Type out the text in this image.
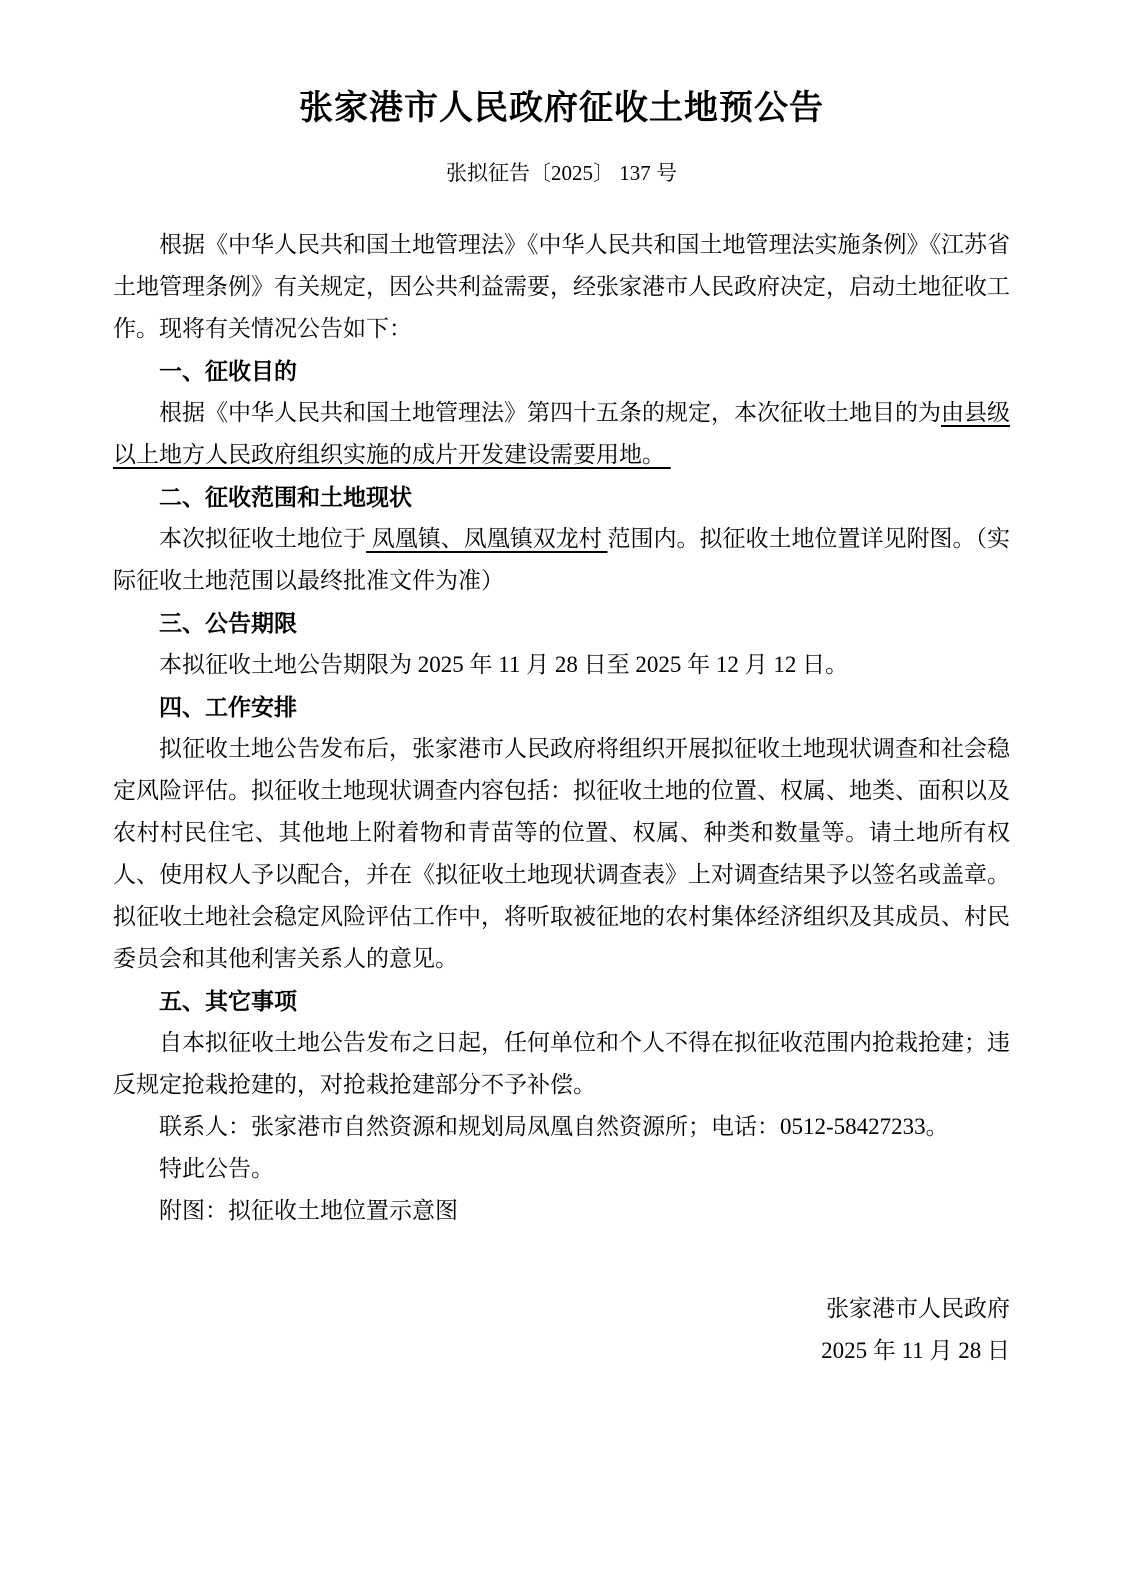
张家港市人民政府征收土地预公告
张拟征告〔2025〕 137 号

根据《中华人民共和国土地管理法》《中华人民共和国土地管理法实施条例》《江苏省土地管理条例》有关规定，因公共利益需要，经张家港市人民政府决定，启动土地征收工作。现将有关情况公告如下：

一、征收目的

根据《中华人民共和国土地管理法》第四十五条的规定，本次征收土地目的为由县级以上地方人民政府组织实施的成片开发建设需要用地。

二、征收范围和土地现状

本次拟征收土地位于 凤凰镇、凤凰镇双龙村 范围内。拟征收土地位置详见附图。（实际征收土地范围以最终批准文件为准）

三、公告期限

本拟征收土地公告期限为 2025 年 11 月 28 日至 2025 年 12 月 12 日。

四、工作安排

拟征收土地公告发布后，张家港市人民政府将组织开展拟征收土地现状调查和社会稳定风险评估。拟征收土地现状调查内容包括：拟征收土地的位置、权属、地类、面积以及农村村民住宅、其他地上附着物和青苗等的位置、权属、种类和数量等。请土地所有权人、使用权人予以配合，并在《拟征收土地现状调查表》上对调查结果予以签名或盖章。拟征收土地社会稳定风险评估工作中，将听取被征地的农村集体经济组织及其成员、村民委员会和其他利害关系人的意见。

五、其它事项

自本拟征收土地公告发布之日起，任何单位和个人不得在拟征收范围内抢栽抢建；违反规定抢栽抢建的，对抢栽抢建部分不予补偿。

联系人：张家港市自然资源和规划局凤凰自然资源所；电话：0512-58427233。

特此公告。

附图：拟征收土地位置示意图

张家港市人民政府
2025 年 11 月 28 日
